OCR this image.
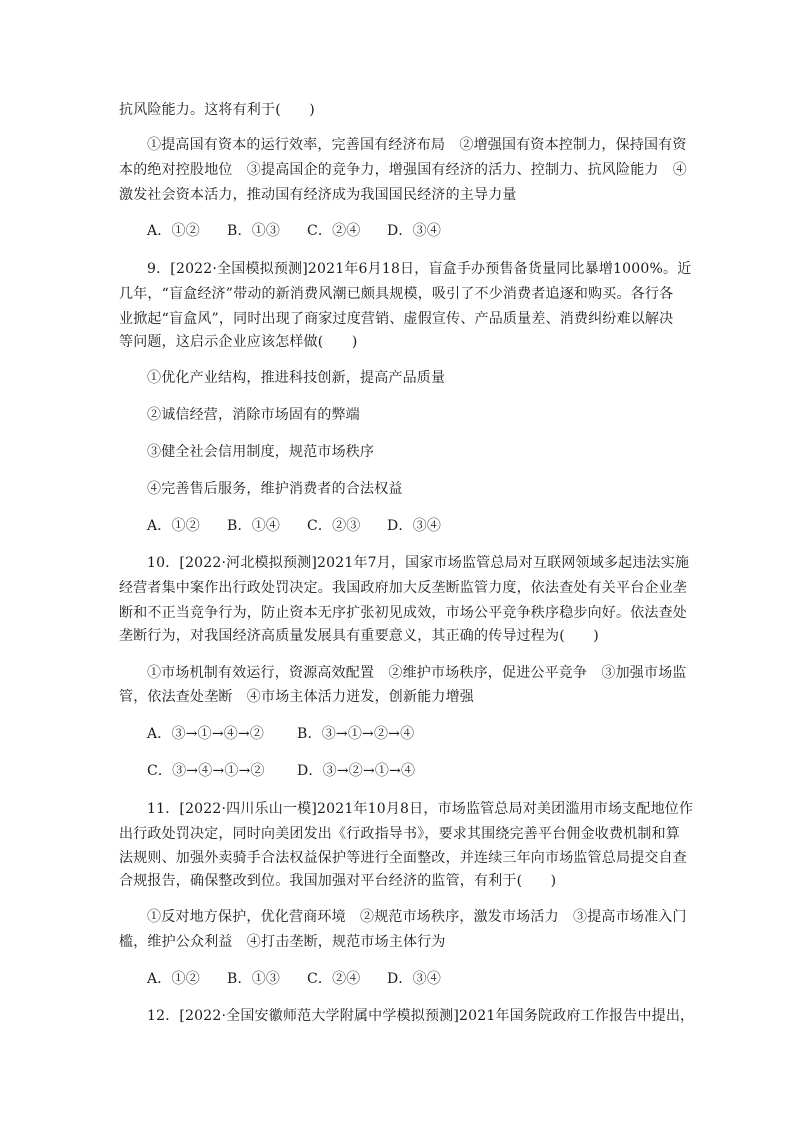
抗风险能力。这将有利于(　　)
①提高国有资本的运行效率，完善国有经济布局　②增强国有资本控制力，保持国有资
本的绝对控股地位　③提高国企的竞争力，增强国有经济的活力、控制力、抗风险能力　④
激发社会资本活力，推动国有经济成为我国国民经济的主导力量
A．①② B．①③ C．②④ D．③④
9．[2022·全国模拟预测]2021年6月18日，盲盒手办预售备货量同比暴增1000%。近
几年，“盲盒经济”带动的新消费风潮已颇具规模，吸引了不少消费者追逐和购买。各行各
业掀起“盲盒风”，同时出现了商家过度营销、虚假宣传、产品质量差、消费纠纷难以解决
等问题，这启示企业应该怎样做(　　)
①优化产业结构，推进科技创新，提高产品质量
②诚信经营，消除市场固有的弊端
③健全社会信用制度，规范市场秩序
④完善售后服务，维护消费者的合法权益
A．①② B．①④ C．②③ D．③④
10．[2022·河北模拟预测]2021年7月，国家市场监管总局对互联网领域多起违法实施
经营者集中案作出行政处罚决定。我国政府加大反垄断监管力度，依法查处有关平台企业垄
断和不正当竞争行为，防止资本无序扩张初见成效，市场公平竞争秩序稳步向好。依法查处
垄断行为，对我国经济高质量发展具有重要意义，其正确的传导过程为(　　)
①市场机制有效运行，资源高效配置　②维护市场秩序，促进公平竞争　③加强市场监
管，依法查处垄断　④市场主体活力迸发，创新能力增强
A．③→①→④→② B．③→①→②→④
C．③→④→①→② D．③→②→①→④
11．[2022·四川乐山一模]2021年10月8日，市场监管总局对美团滥用市场支配地位作
出行政处罚决定，同时向美团发出《行政指导书》，要求其围绕完善平台佣金收费机制和算
法规则、加强外卖骑手合法权益保护等进行全面整改，并连续三年向市场监管总局提交自查
合规报告，确保整改到位。我国加强对平台经济的监管，有利于(　　)
①反对地方保护，优化营商环境　②规范市场秩序，激发市场活力　③提高市场准入门
槛，维护公众利益　④打击垄断，规范市场主体行为
A．①② B．①③ C．②④ D．③④
12．[2022·全国安徽师范大学附属中学模拟预测]2021年国务院政府工作报告中提出，
